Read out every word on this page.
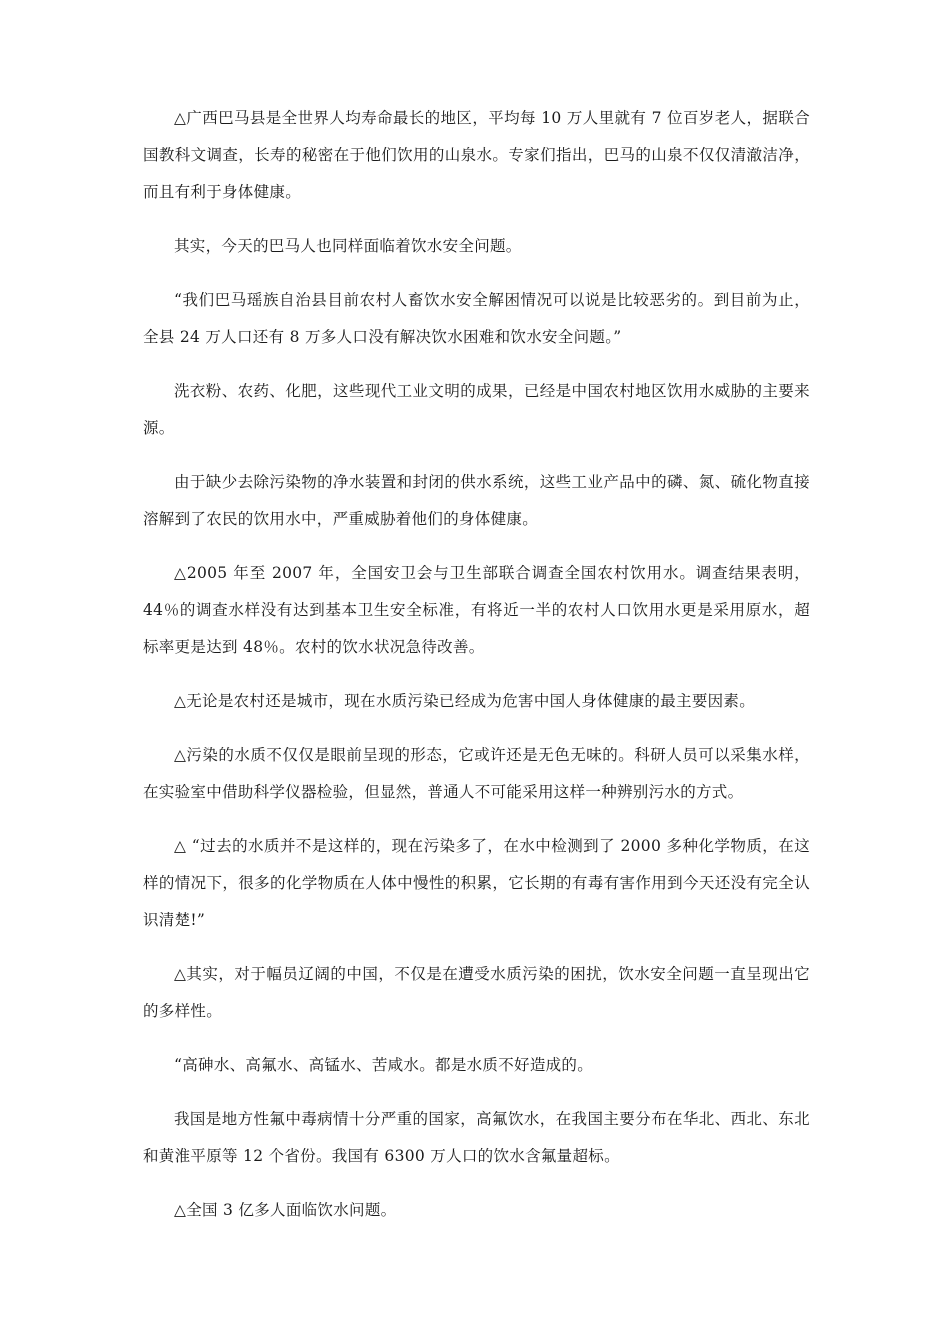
△广西巴马县是全世界人均寿命最长的地区，平均每 10 万人里就有 7 位百岁老人，据联合国教科文调查，长寿的秘密在于他们饮用的山泉水。专家们指出，巴马的山泉不仅仅清澈洁净，而且有利于身体健康。

其实，今天的巴马人也同样面临着饮水安全问题。

“我们巴马瑶族自治县目前农村人畜饮水安全解困情况可以说是比较恶劣的。到目前为止，全县 24 万人口还有 8 万多人口没有解决饮水困难和饮水安全问题。”

洗衣粉、农药、化肥，这些现代工业文明的成果，已经是中国农村地区饮用水威胁的主要来源。

由于缺少去除污染物的净水装置和封闭的供水系统，这些工业产品中的磷、氮、硫化物直接溶解到了农民的饮用水中，严重威胁着他们的身体健康。

△2005 年至 2007 年，全国安卫会与卫生部联合调查全国农村饮用水。调查结果表明，44％的调查水样没有达到基本卫生安全标准，有将近一半的农村人口饮用水更是采用原水，超标率更是达到 48％。农村的饮水状况急待改善。

△无论是农村还是城市，现在水质污染已经成为危害中国人身体健康的最主要因素。

△污染的水质不仅仅是眼前呈现的形态，它或许还是无色无味的。科研人员可以采集水样，在实验室中借助科学仪器检验，但显然，普通人不可能采用这样一种辨别污水的方式。

△ “过去的水质并不是这样的，现在污染多了，在水中检测到了 2000 多种化学物质，在这样的情况下，很多的化学物质在人体中慢性的积累，它长期的有毒有害作用到今天还没有完全认识清楚!”

△其实，对于幅员辽阔的中国，不仅是在遭受水质污染的困扰，饮水安全问题一直呈现出它的多样性。

“高砷水、高氟水、高锰水、苦咸水。都是水质不好造成的。

我国是地方性氟中毒病情十分严重的国家，高氟饮水，在我国主要分布在华北、西北、东北和黄淮平原等 12 个省份。我国有 6300 万人口的饮水含氟量超标。

△全国 3 亿多人面临饮水问题。
